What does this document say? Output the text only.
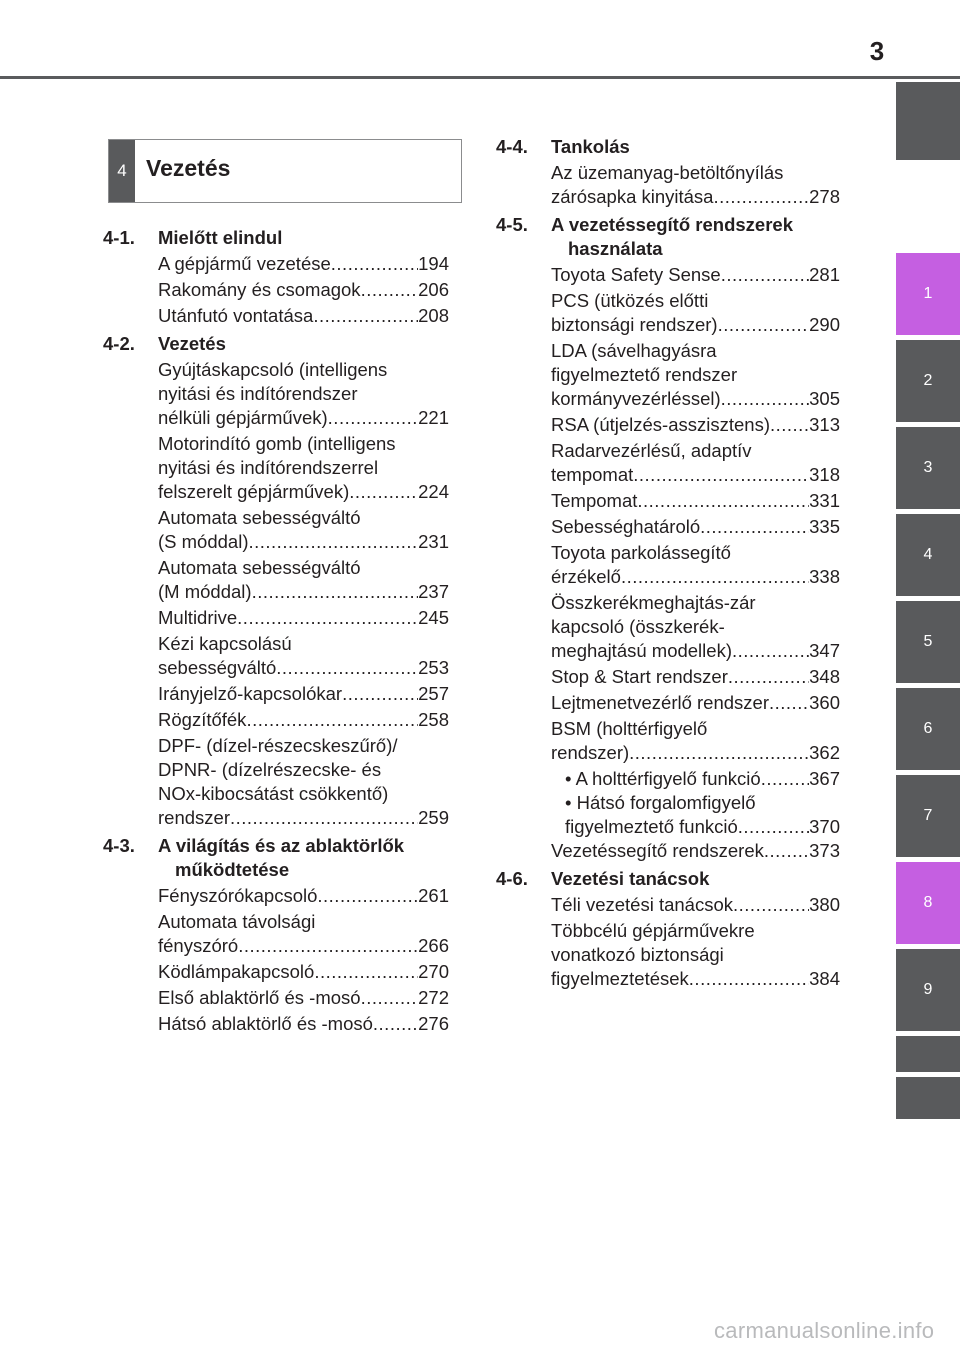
3
1
2
3
4
5
6
7
8
9
4 Vezetés
4-1.	Mielőtt elindul
A gépjármű vezetése .....	194
Rakomány és csomagok .....	206
Utánfutó vontatása .....	208
4-2.	Vezetés
Gyújtáskapcsoló (intelligens
nyitási és indítórendszer
nélküli gépjárművek) .....	221
Motorindító gomb (intelligens
nyitási és indítórendszerrel
felszerelt gépjárművek) .....	224
Automata sebességváltó
(S móddal) .....	231
Automata sebességváltó
(M móddal) .....	237
Multidrive .....	245
Kézi kapcsolású
sebességváltó .....	253
Irányjelző-kapcsolókar .....	257
Rögzítőfék .....	258
DPF- (dízel-részecskeszűrő)/
DPNR- (dízelrészecske- és
NOx-kibocsátást csökkentő)
rendszer .....	259
4-3.	A világítás és az ablaktörlők működtetése
Fényszórókapcsoló .....	261
Automata távolsági
fényszóró .....	266
Ködlámpakapcsoló .....	270
Első ablaktörlő és -mosó .....	272
Hátsó ablaktörlő és -mosó ..... 276
4-4.	Tankolás
Az üzemanyag-betöltőnyílás
zárósapka kinyitása .....	278
4-5.	A vezetéssegítő rendszerek használata
Toyota Safety Sense .....	281
PCS (ütközés előtti
biztonsági rendszer) .....	290
LDA (sávelhagyásra
figyelmeztető rendszer
kormányvezérléssel) .....	305
RSA (útjelzés-asszisztens) ..... 313
Radarvezérlésű, adaptív
tempomat .....	318
Tempomat .....	331
Sebességhatároló .....	335
Toyota parkolássegítő
érzékelő .....	338
Összkerékmeghajtás-zár
kapcsoló (összkerék-
meghajtású modellek) .....	347
Stop & Start rendszer .....	348
Lejtmenetvezérlő rendszer ..... 360
BSM (holttérfigyelő
rendszer) .....	362
• A holttérfigyelő funkció .....	367
• Hátsó forgalomfigyelő
figyelmeztető funkció .....	370
Vezetéssegítő rendszerek ..... 373
4-6.	Vezetési tanácsok
Téli vezetési tanácsok .....	380
Többcélú gépjárművekre
vonatkozó biztonsági
figyelmeztetések .....	384
carmanualsonline.info
